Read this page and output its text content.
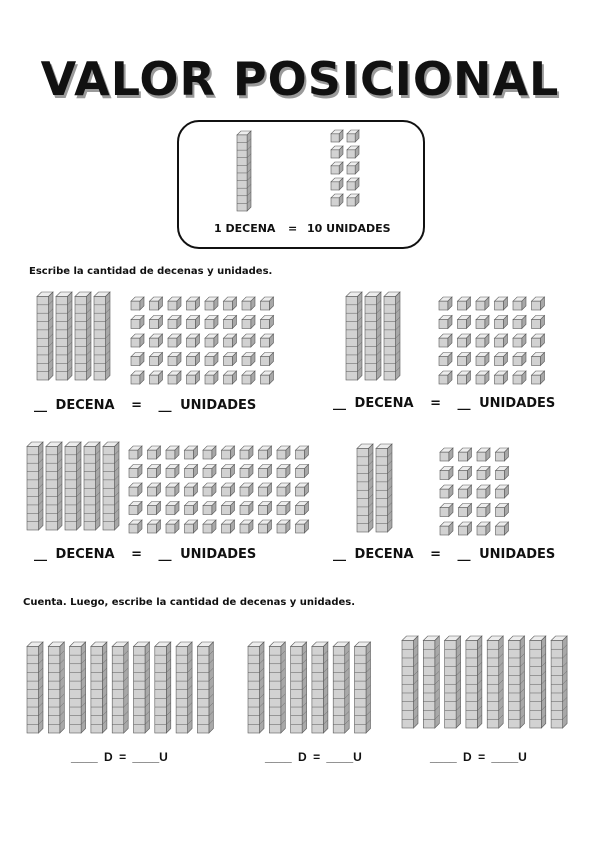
VALOR POSICIONAL
1 DECENA = 10 UNIDADES
Escribe la cantidad de decenas y unidades.
__ DECENA = __ UNIDADES	__ DECENA = __ UNIDADES
__ DECENA = __ UNIDADES	__ DECENA = __ UNIDADES
Cuenta. Luego, escribe la cantidad de decenas y unidades.
____ D = ____U	____ D = ____U	____ D = ____U
